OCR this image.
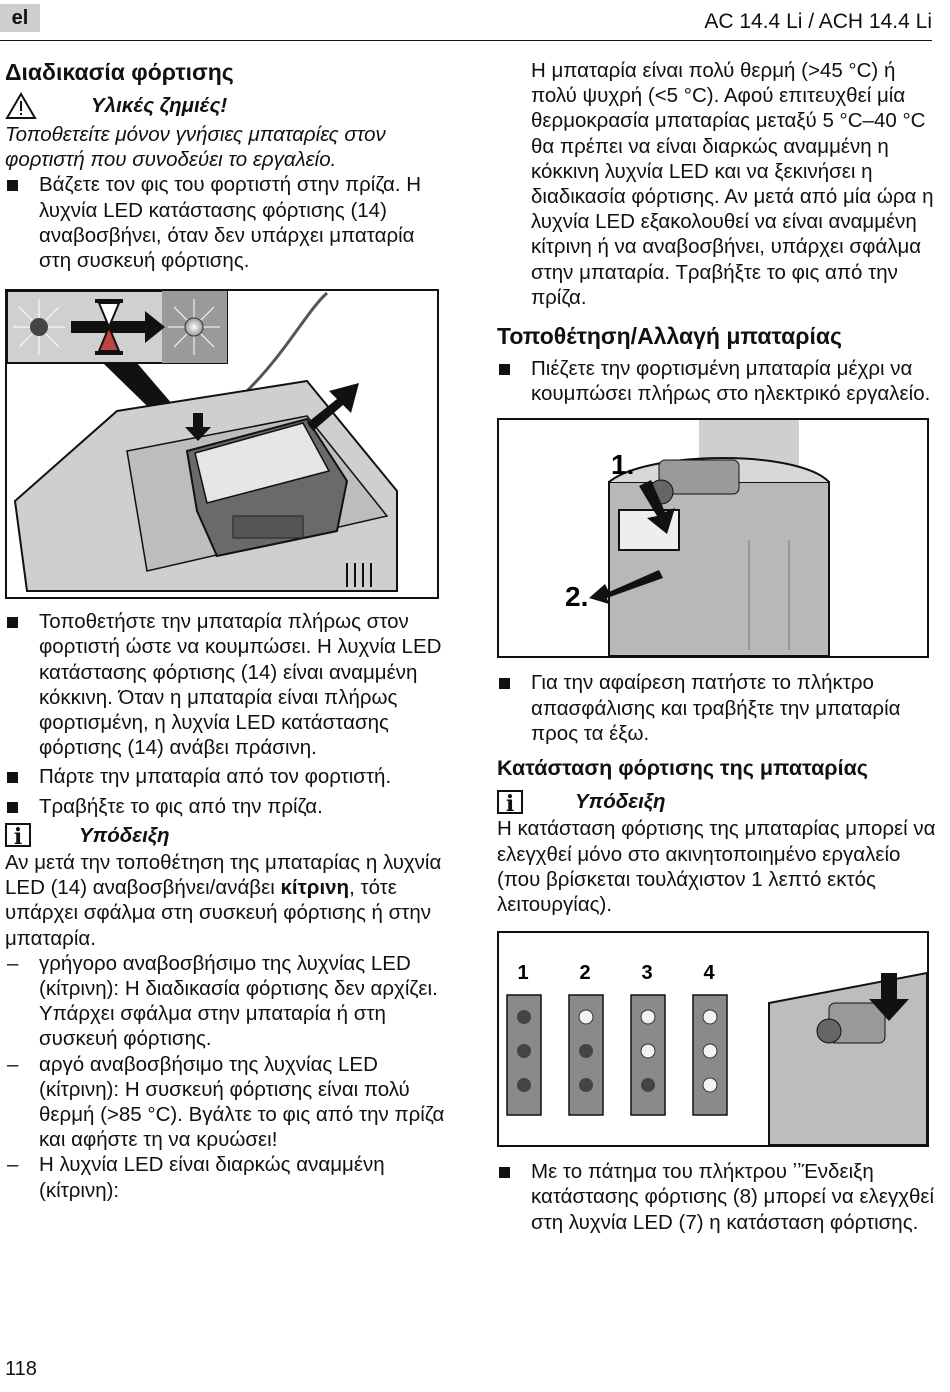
el	AC 14.4 Li / ACH 14.4 Li
Διαδικασία φόρτισης
Υλικές ζημιές!

Τοποθετείτε μόνον γνήσιες μπαταρίες στον φορτιστή που συνοδεύει το εργαλείο.

Βάζετε τον φις του φορτιστή στην πρίζα. Η λυχνία LED κατάστασης φόρτισης (14) αναβοσβήνει, όταν δεν υπάρχει μπαταρία στη συσκευή φόρτισης.

Τοποθετήστε την μπαταρία πλήρως στον φορτιστή ώστε να κουμπώσει. Η λυχνία LED κατάστασης φόρτισης (14) είναι αναμμένη κόκκινη. Όταν η μπαταρία είναι πλήρως φορτισμένη, η λυχνία LED κατάστασης φόρτισης (14) ανάβει πράσινη.

Πάρτε την μπαταρία από τον φορτιστή.

Τραβήξτε το φις από την πρίζα.

i	Υπόδειξη

Αν μετά την τοποθέτηση της μπαταρίας η λυχνία LED (14) αναβοσβήνει/ανάβει κίτρινη, τότε υπάρχει σφάλμα στη συσκευή φόρτισης ή στην μπαταρία.

– γρήγορο αναβοσβήσιμο της λυχνίας LED (κίτρινη): Η διαδικασία φόρτισης δεν αρχίζει. Υπάρχει σφάλμα στην μπαταρία ή στη συσκευή φόρτισης.

– αργό αναβοσβήσιμο της λυχνίας LED (κίτρινη): Η συσκευή φόρτισης είναι πολύ θερμή (>85 °C). Βγάλτε το φις από την πρίζα και αφήστε τη να κρυώσει!

– Η λυχνία LED είναι διαρκώς αναμμένη (κίτρινη):

Η μπαταρία είναι πολύ θερμή (>45 °C) ή πολύ ψυχρή (<5 °C). Αφού επιτευχθεί μία θερμοκρασία μπαταρίας μεταξύ 5 °C–40 °C θα πρέπει να είναι διαρκώς αναμμένη η κόκκινη λυχνία LED και να ξεκινήσει η διαδικασία φόρτισης. Αν μετά από μία ώρα η λυχνία LED εξακολουθεί να είναι αναμμένη κίτρινη ή να αναβοσβήνει, υπάρχει σφάλμα στην μπαταρία. Τραβήξτε το φις από την πρίζα.

Τοποθέτηση/Αλλαγή μπαταρίας

Πιέζετε την φορτισμένη μπαταρία μέχρι να κουμπώσει πλήρως στο ηλεκτρικό εργαλείο.

1.
2.

Για την αφαίρεση πατήστε το πλήκτρο απασφάλισης και τραβήξτε την μπαταρία προς τα έξω.

Κατάσταση φόρτισης της μπαταρίας
i	Υπόδειξη

Η κατάσταση φόρτισης της μπαταρίας μπορεί να ελεγχθεί μόνο στο ακινητοποιημένο εργαλείο (που βρίσκεται τουλάχιστον 1 λεπτό εκτός λειτουργίας).

1	2	3	4

Με το πάτημα του πλήκτρου ʼʼΈνδειξη κατάστασης φόρτισης (8) μπορεί να ελεγχθεί στη λυχνία LED (7) η κατάσταση φόρτισης.

118
